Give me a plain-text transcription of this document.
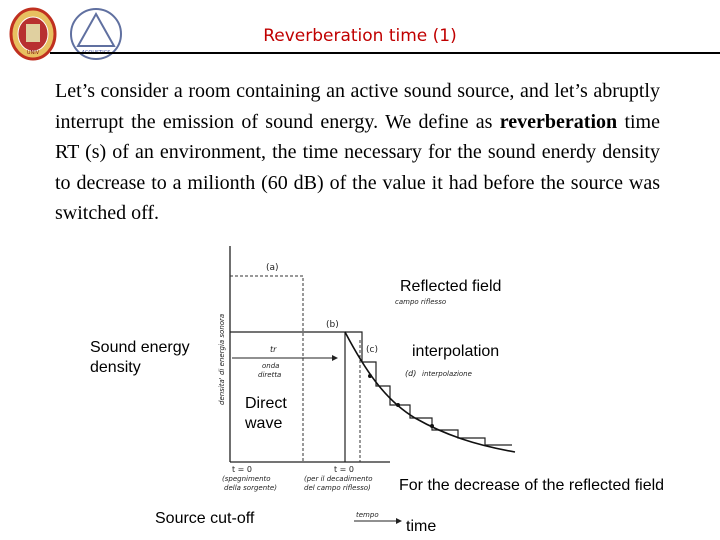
UNIV
Reverberation time (1)
Let’s consider a room containing an active sound source, and let’s abruptly interrupt the emission of sound energy. We define as reverberation time RT (s) of an environment, the time necessary for the sound enerdy density to decrease to a milionth (60 dB) of the value it had before the source was switched off.
(a)
(b)
(c)
(d) interpolazione
campo riflesso
tr
onda
diretta
densita' di energia sonora
t = 0
(spegnimento
della sorgente)
t = 0
(per il decadimento
del campo riflesso)
tempo
Reflected field
Sound energy density
interpolation
Direct wave
For the decrease of the reflected field
Source cut-off	time
